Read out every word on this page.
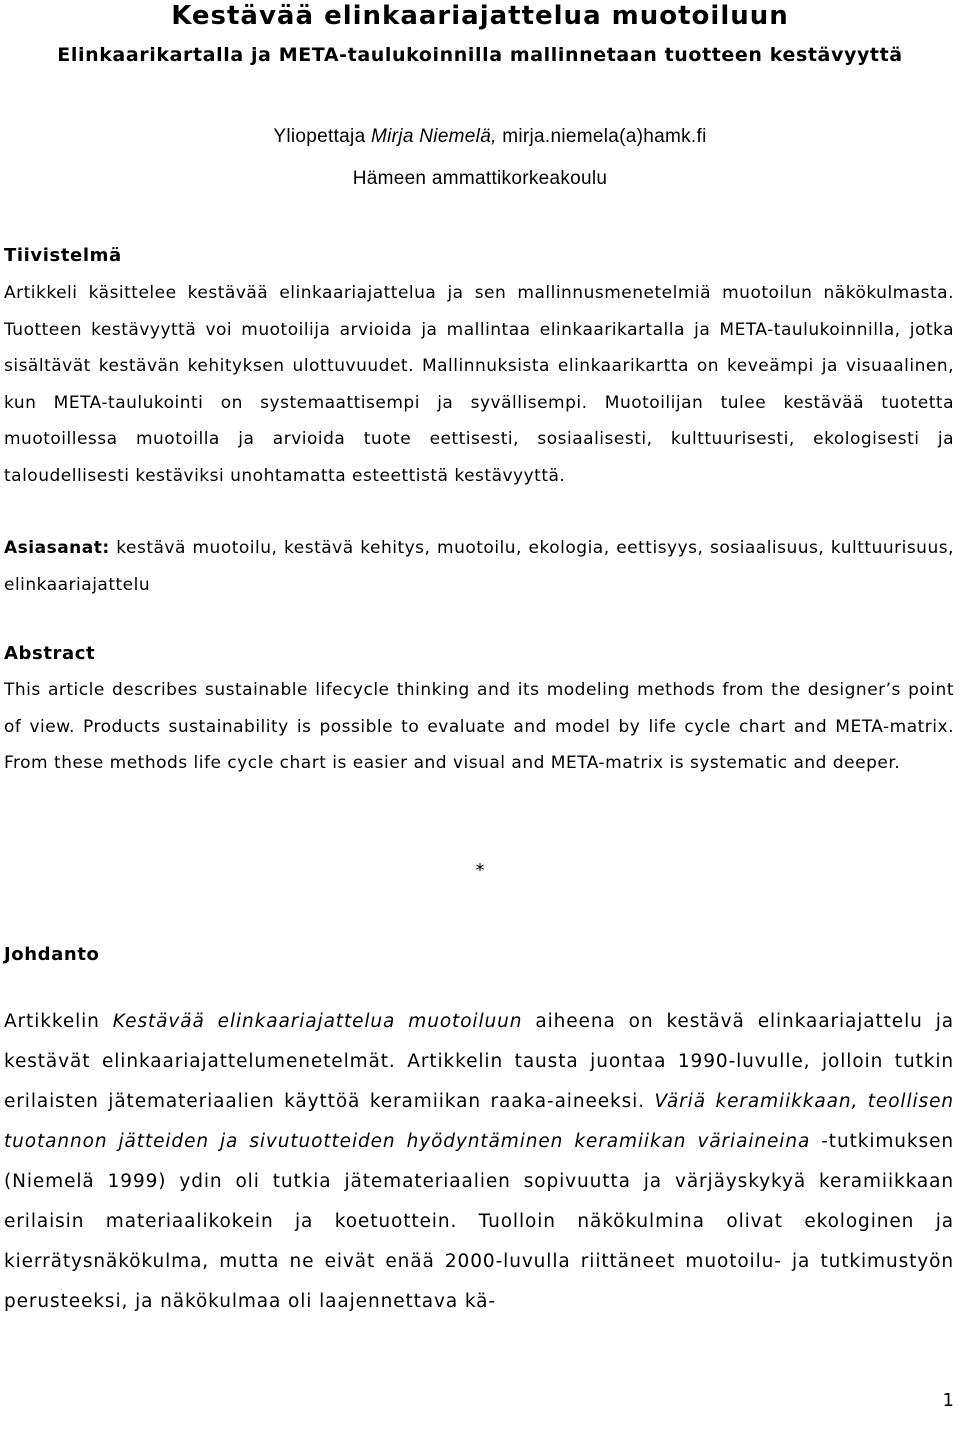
Kestävää elinkaariajattelua muotoiluun
Elinkaarikartalla ja META-taulukoinnilla mallinnetaan tuotteen kestävyyttä
Yliopettaja Mirja Niemelä, mirja.niemela(a)hamk.fi
Hämeen ammattikorkeakoulu
Tiivistelmä
Artikkeli käsittelee kestävää elinkaariajattelua ja sen mallinnusmenetelmiä muotoilun näkökulmasta. Tuotteen kestävyyttä voi muotoilija arvioida ja mallintaa elinkaarikartalla ja META-taulukoinnilla, jotka sisältävät kestävän kehityksen ulottuvuudet. Mallinnuksista elinkaarikartta on keveämpi ja visuaalinen, kun META-taulukointi on systemaattisempi ja syvällisempi. Muotoilijan tulee kestävää tuotetta muotoillessa muotoilla ja arvioida tuote eettisesti, sosiaalisesti, kulttuurisesti, ekologisesti ja taloudellisesti kestäviksi unohtamatta esteettistä kestävyyttä.
Asiasanat: kestävä muotoilu, kestävä kehitys, muotoilu, ekologia, eettisyys, sosiaalisuus, kulttuurisuus, elinkaariajattelu
Abstract
This article describes sustainable lifecycle thinking and its modeling methods from the designer’s point of view. Products sustainability is possible to evaluate and model by life cycle chart and META-matrix. From these methods life cycle chart is easier and visual and META-matrix is systematic and deeper.
*
Johdanto
Artikkelin Kestävää elinkaariajattelua muotoiluun aiheena on kestävä elinkaariajattelu ja kestävät elinkaariajattelumenetelmät. Artikkelin tausta juontaa 1990-luvulle, jolloin tutkin erilaisten jätemateriaalien käyttöä keramiikan raaka-aineeksi. Väriä keramiikkaan, teollisen tuotannon jätteiden ja sivutuotteiden hyödyntäminen keramiikan väriaineina -tutkimuksen (Niemelä 1999) ydin oli tutkia jätemateriaalien sopivuutta ja värjäyskykyä keramiikkaan erilaisin materiaalikokein ja koetuottein. Tuolloin näkökulmina olivat ekologinen ja kierrätysnäkökulma, mutta ne eivät enää 2000-luvulla riittäneet muotoilu- ja tutkimustyön perusteeksi, ja näkökulmaa oli laajennettava kä-
1
